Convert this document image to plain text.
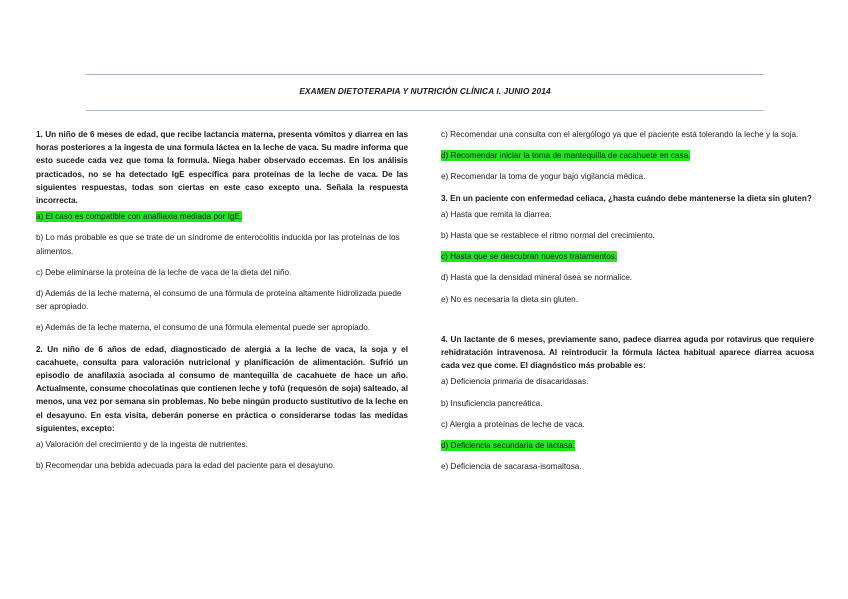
EXAMEN DIETOTERAPIA Y NUTRICIÓN CLÍNICA I. JUNIO 2014

1. Un niño de 6 meses de edad, que recibe lactancia materna, presenta vómitos y diarrea en las horas posteriores a la ingesta de una formula láctea en la leche de vaca. Su madre informa que esto sucede cada vez que toma la formula. Niega haber observado eccemas. En los análisis practicados, no se ha detectado IgE específica para proteínas de la leche de vaca. De las siguientes respuestas, todas son ciertas en este caso excepto una. Señala la respuesta incorrecta.

a) El caso es compatible con anafilaxia mediada por IgE.

b) Lo más probable es que se trate de un síndrome de enterocolitis inducida por las proteínas de los alimentos.

c) Debe eliminarse la proteína de la leche de vaca de la dieta del niño.

d) Además de la leche materna, el consumo de una fórmula de proteína altamente hidrolizada puede ser apropiado.

e) Además de la leche materna, el consumo de una fórmula elemental puede ser apropiado.

2. Un niño de 6 años de edad, diagnosticado de alergia a la leche de vaca, la soja y el cacahuete, consulta para valoración nutricional y planificación de alimentación. Sufrió un episodio de anafilaxia asociada al consumo de mantequilla de cacahuete de hace un año. Actualmente, consume chocolatinas que contienen leche y tofú (requesón de soja) salteado, al menos, una vez por semana sin problemas. No bebe ningún producto sustitutivo de la leche en el desayuno. En esta visita, deberán ponerse en práctica o considerarse todas las medidas siguientes, excepto:

a) Valoración del crecimiento y de la ingesta de nutrientes.

b) Recomendar una bebida adecuada para la edad del paciente para el desayuno.

c) Recomendar una consulta con el alergólogo ya que el paciente está tolerando la leche y la soja.

d) Recomendar iniciar la toma de mantequilla de cacahuete en casa.

e) Recomendar la toma de yogur bajo vigilancia médica.

3. En un paciente con enfermedad celiaca, ¿hasta cuándo debe mantenerse la dieta sin gluten?

a) Hasta que remita la diarrea.

b) Hasta que se restablece el ritmo normal del crecimiento.

c) Hasta que se descubran nuevos tratamientos.

d) Hasta que la densidad mineral ósea se normalice.

e) No es necesaria la dieta sin gluten.

4. Un lactante de 6 meses, previamente sano, padece diarrea aguda por rotavirus que requiere rehidratación intravenosa. Al reintroducir la fórmula láctea habitual aparece diarrea acuosa cada vez que come. El diagnóstico más probable es:

a) Deficiencia primaria de disacaridasas.

b) Insuficiencia pancreática.

c) Alergia a proteínas de leche de vaca.

d) Deficiencia secundaria de lactasa.

e) Deficiencia de sacarasa-isomaltosa.
